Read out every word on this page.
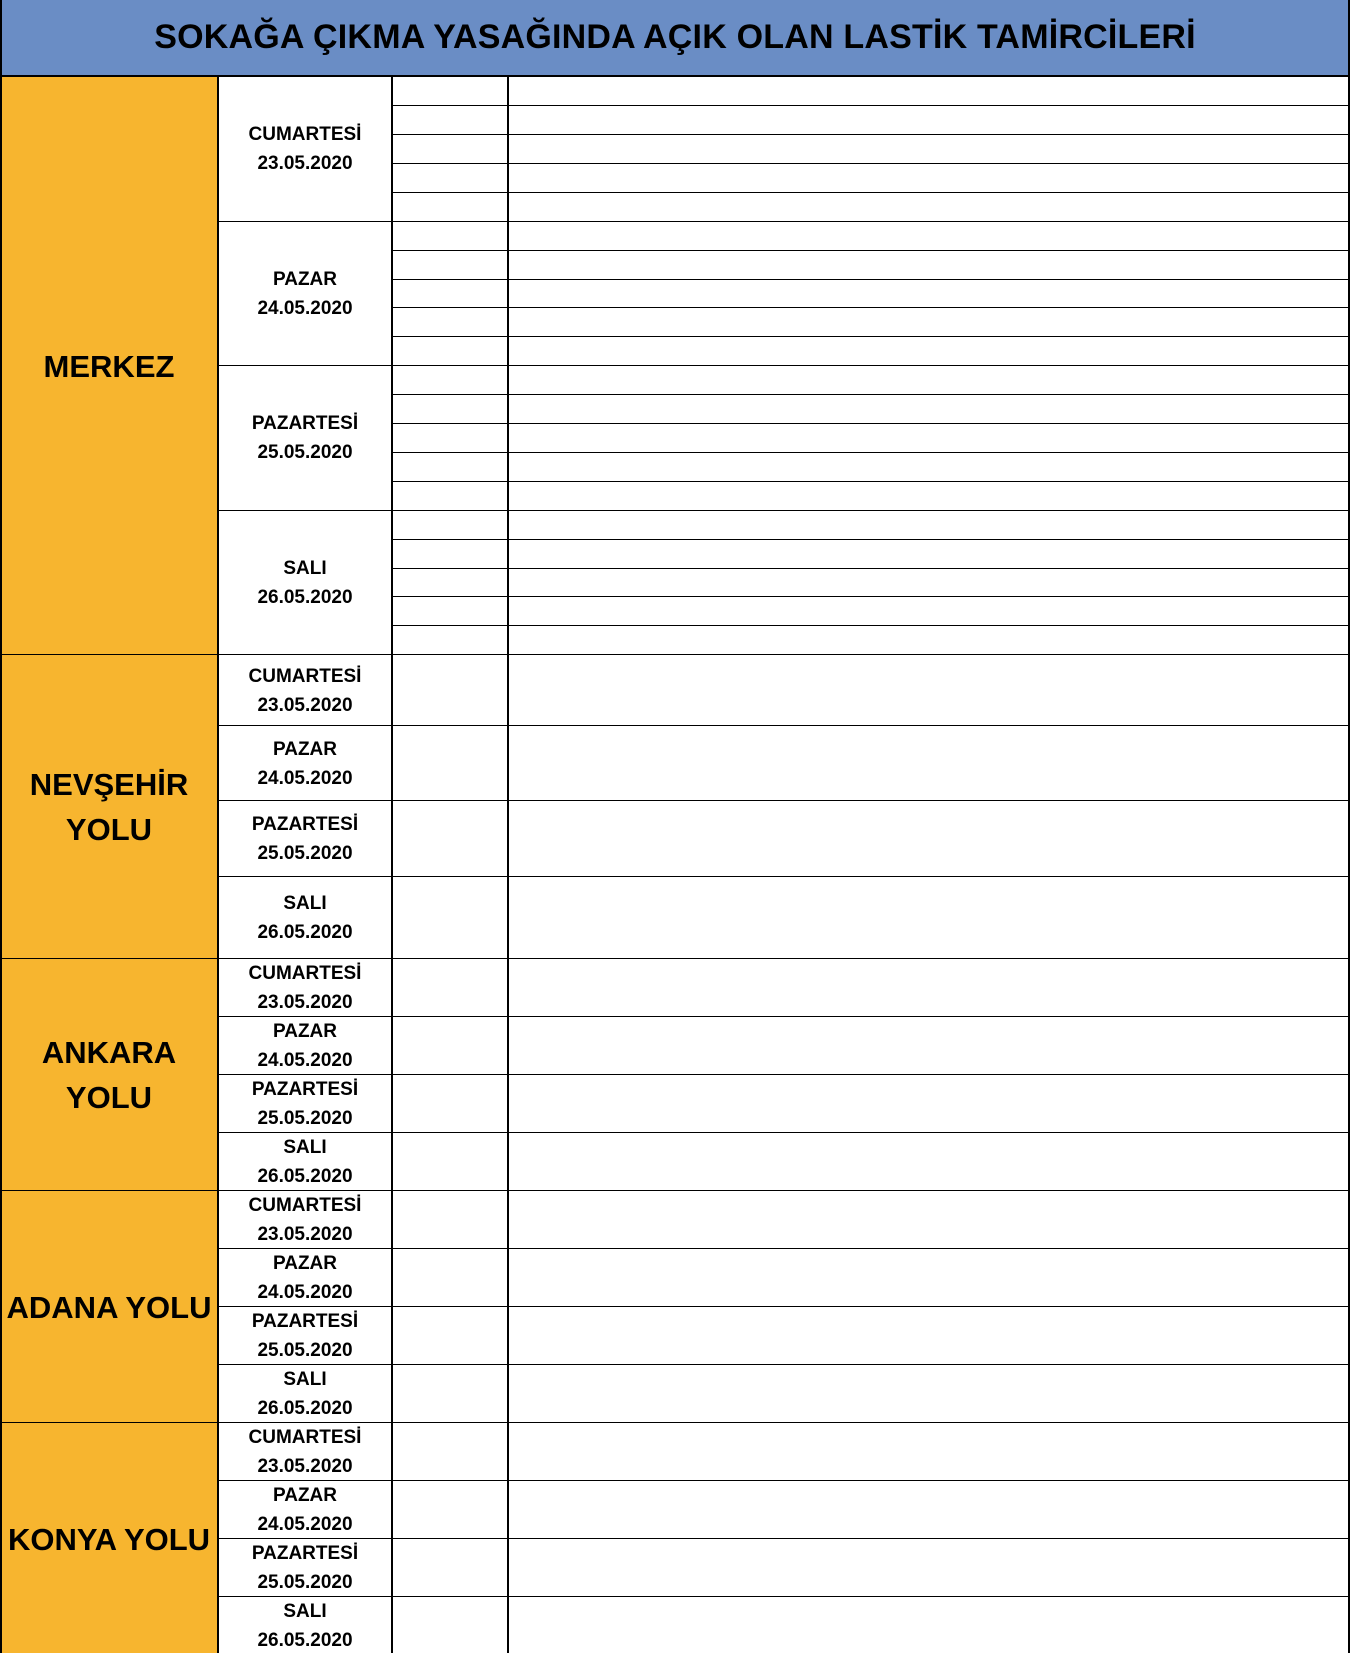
SOKAĞA ÇIKMA YASAĞINDA AÇIK OLAN LASTİK TAMİRCİLERİ
CUMARTESİ
23.05.2020
PAZAR
24.05.2020
PAZARTESİ
25.05.2020
SALI
26.05.2020
MERKEZ
CUMARTESİ
23.05.2020
PAZAR
24.05.2020
PAZARTESİ
25.05.2020
SALI
26.05.2020
NEVŞEHİR
YOLU
CUMARTESİ
23.05.2020
PAZAR
24.05.2020
PAZARTESİ
25.05.2020
SALI
26.05.2020
ANKARA
YOLU
CUMARTESİ
23.05.2020
PAZAR
24.05.2020
PAZARTESİ
25.05.2020
SALI
26.05.2020
ADANA YOLU
CUMARTESİ
23.05.2020
PAZAR
24.05.2020
PAZARTESİ
25.05.2020
SALI
26.05.2020
KONYA YOLU
